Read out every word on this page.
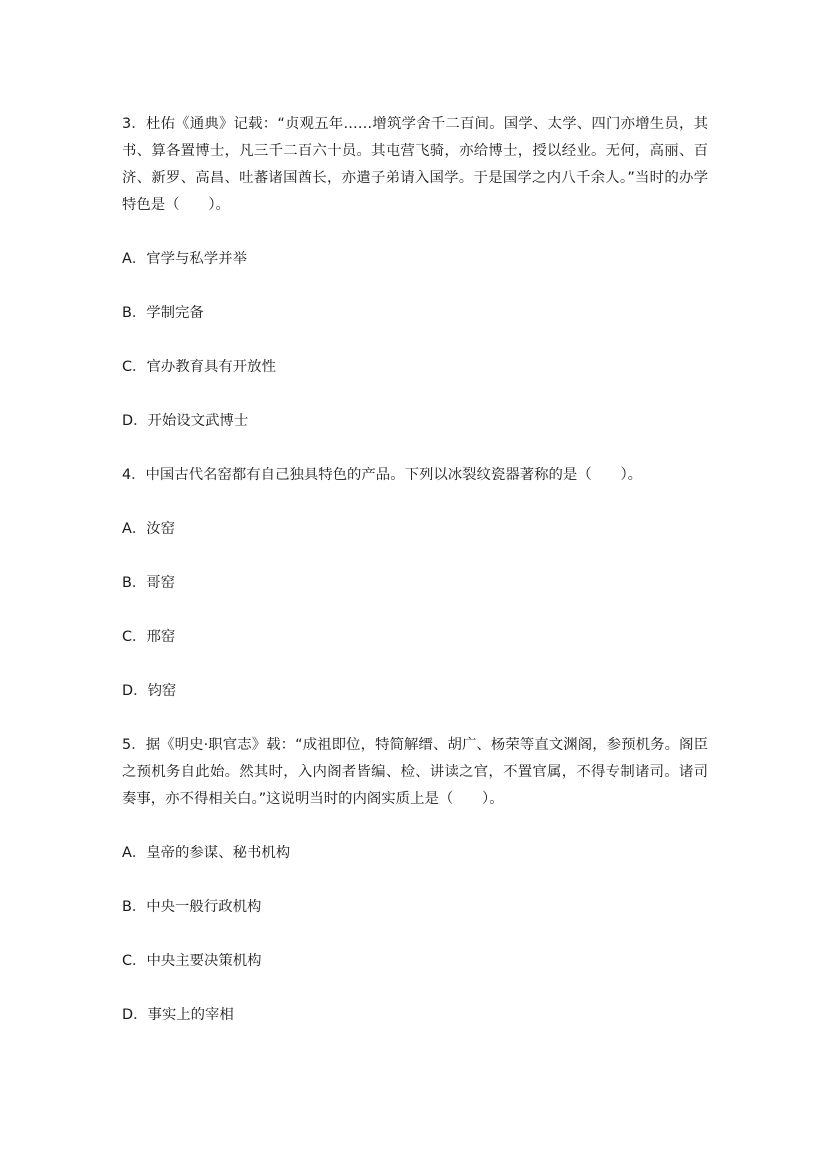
3．杜佑《通典》记载：“贞观五年……增筑学舍千二百间。国学、太学、四门亦增生员，其书、算各置博士，凡三千二百六十员。其屯营飞骑，亦给博士，授以经业。无何，高丽、百济、新罗、高昌、吐蕃诸国酋长，亦遣子弟请入国学。于是国学之内八千余人。”当时的办学特色是（　　）。

A．官学与私学并举

B．学制完备

C．官办教育具有开放性

D．开始设文武博士

4．中国古代名窑都有自己独具特色的产品。下列以冰裂纹瓷器著称的是（　　）。

A．汝窑

B．哥窑

C．邢窑

D．钧窑

5．据《明史·职官志》载：“成祖即位，特简解缙、胡广、杨荣等直文渊阁，参预机务。阁臣之预机务自此始。然其时，入内阁者皆编、检、讲读之官，不置官属，不得专制诸司。诸司奏事，亦不得相关白。”这说明当时的内阁实质上是（　　）。

A．皇帝的参谋、秘书机构

B．中央一般行政机构

C．中央主要决策机构

D．事实上的宰相
